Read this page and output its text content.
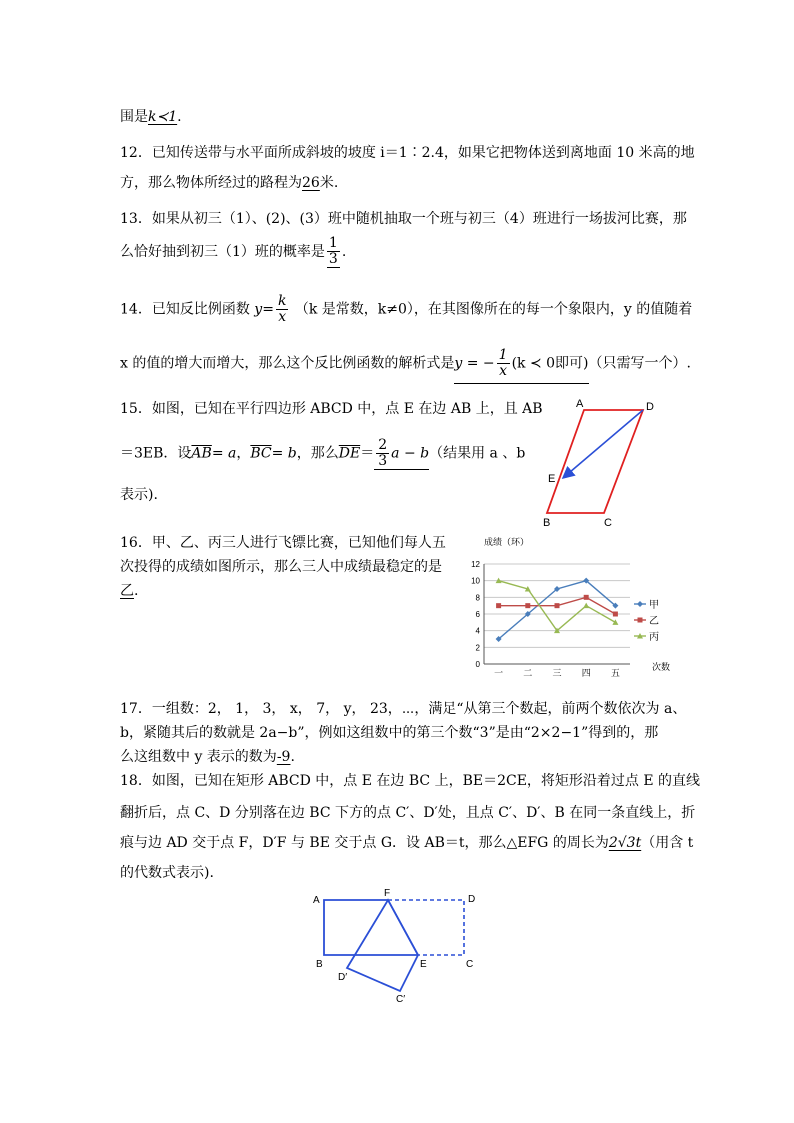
围是k≺1.
12．已知传送带与水平面所成斜坡的坡度 i＝1∶2.4，如果它把物体送到离地面 10 米高的地
方，那么物体所经过的路程为26米.
13．如果从初三（1）、(2)、(3）班中随机抽取一个班与初三（4）班进行一场拔河比赛，那
么恰好抽到初三（1）班的概率是 $\frac{1}{3}$ .
14．已知反比例函数 $y= \frac{k}{x} (k$ 是常数，k≠0），在其图像所在的每一个象限内，y 的值随着
x 的值的增大而增大，那么这个反比例函数的解析式是y = − $\frac{1}{x} (k$ ≺ 0即可)（只需写一个）.
15．如图，已知在平行四边形 ABCD 中，点 E 在边 AB 上，且 AB
＝3EB．设$\overline{AB}= a$，$\overline{BC}= b$，那么$\overline{DE}= \frac{2}{3}$ a − b（结果用 a 、b
表示).
A	D
E
B	C
16．甲、乙、丙三人进行飞镖比赛，已知他们每人五
次投得的成绩如图所示，那么三人中成绩最稳定的是
乙.
成绩（环）
次数
0
2
4
6
8
10
12
一 二 三 四 五
甲
乙
丙
17．一组数：2， 1， 3， x， 7， y， 23，⋯，满足“从第三个数起，前两个数依次为 a、
b，紧随其后的数就是 2a−b”，例如这组数中的第三个数“3”是由“2×2−1”得到的，那
么这组数中 y 表示的数为-9.
18．如图，已知在矩形 ABCD 中，点 E 在边 BC 上，BE＝2CE，将矩形沿着过点 E 的直线
翻折后，点 C、D 分别落在边 BC 下方的点 C′、D′处，且点 C′、D′、B 在同一条直线上，折
痕与边 AD 交于点 F，D′F 与 BE 交于点 G．设 AB＝t，那么△EFG 的周长为2√3t（用含 t
的代数式表示).
A
F
D
B	E	C
D′
C′
